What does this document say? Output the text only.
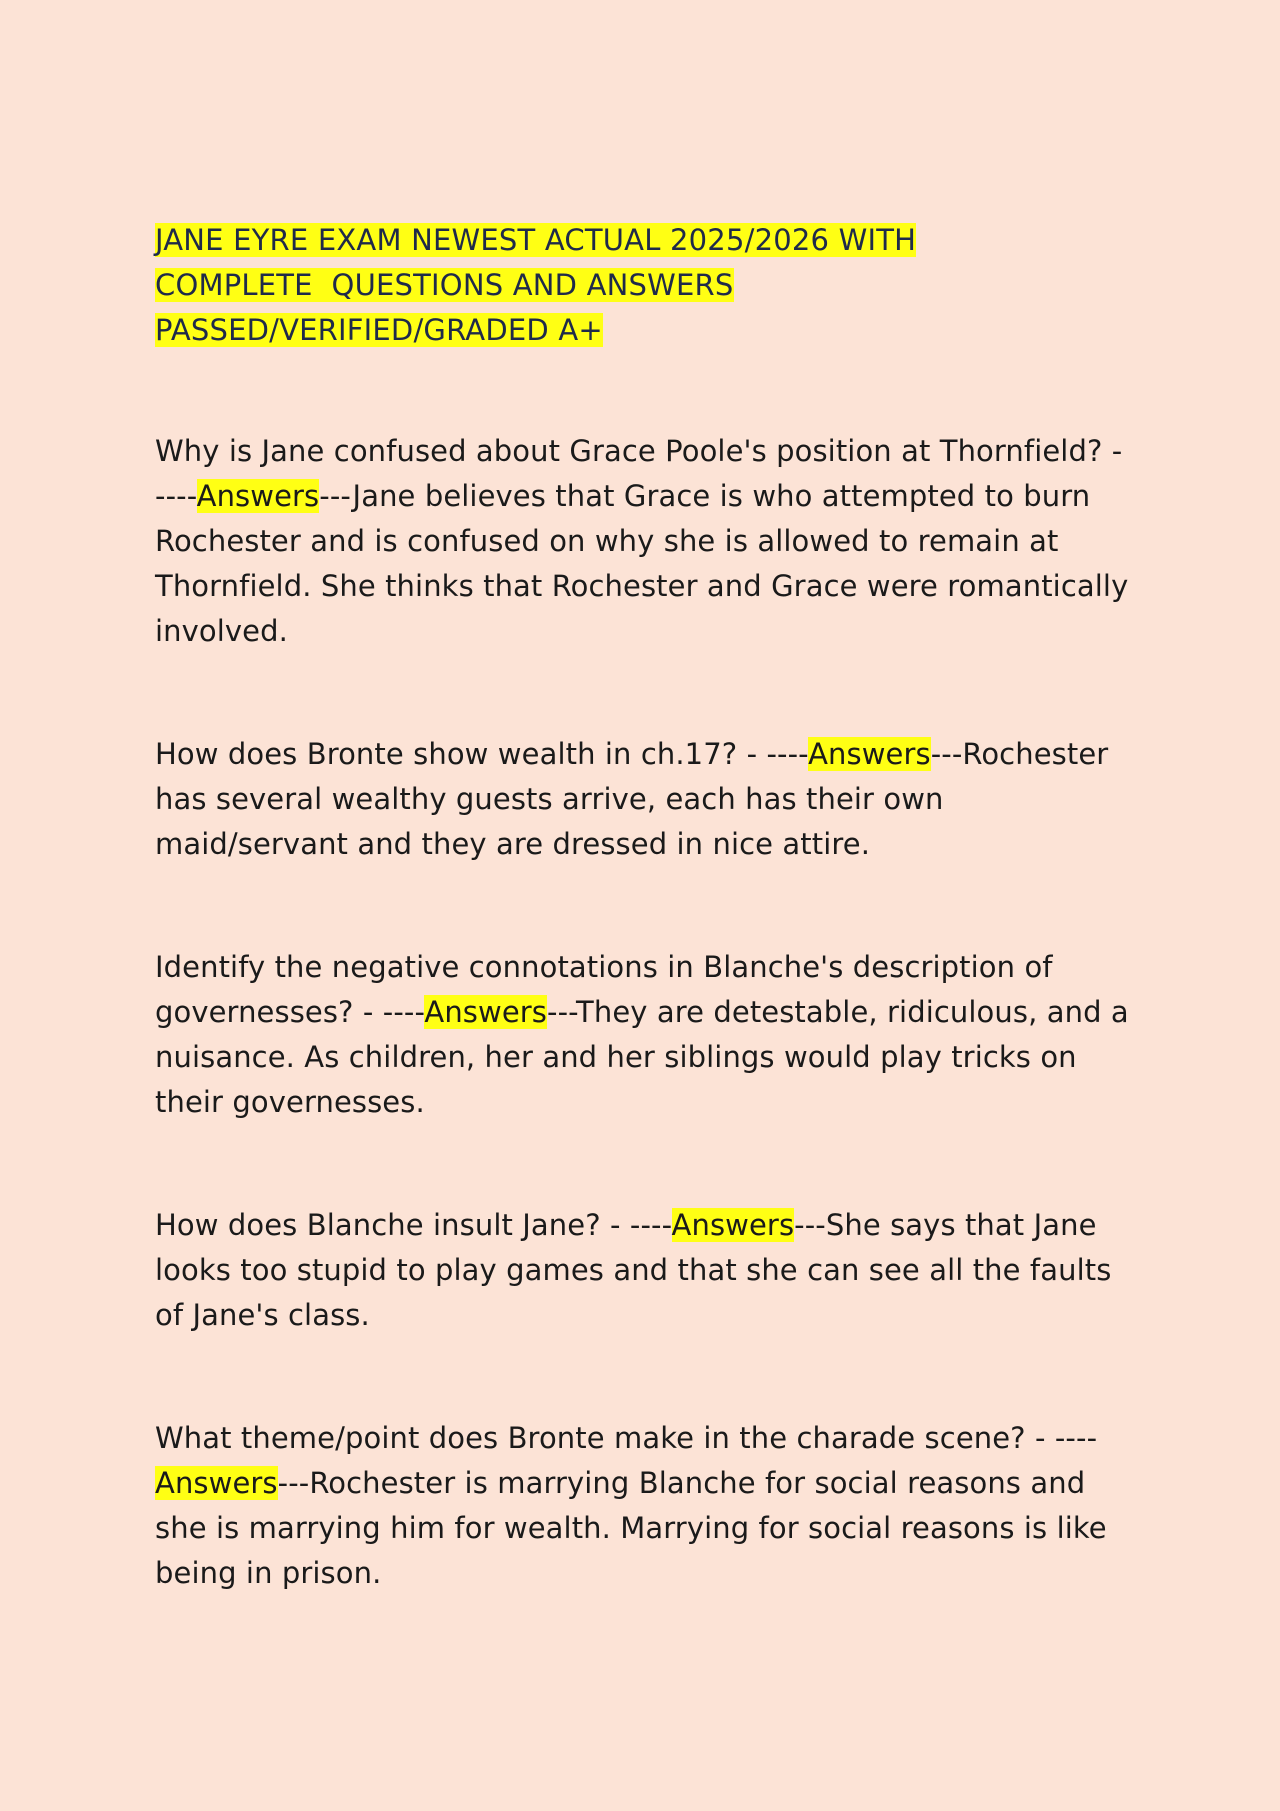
JANE EYRE EXAM NEWEST ACTUAL 2025/2026 WITH
COMPLETE  QUESTIONS AND ANSWERS
PASSED/VERIFIED/GRADED A+

Why is Jane confused about Grace Poole's position at Thornfield? - ----Answers---Jane believes that Grace is who attempted to burn Rochester and is confused on why she is allowed to remain at Thornfield. She thinks that Rochester and Grace were romantically involved.

How does Bronte show wealth in ch.17? - ----Answers---Rochester has several wealthy guests arrive, each has their own maid/servant and they are dressed in nice attire.

Identify the negative connotations in Blanche's description of governesses? - ----Answers---They are detestable, ridiculous, and a nuisance. As children, her and her siblings would play tricks on their governesses.

How does Blanche insult Jane? - ----Answers---She says that Jane looks too stupid to play games and that she can see all the faults of Jane's class.

What theme/point does Bronte make in the charade scene? - ----Answers---Rochester is marrying Blanche for social reasons and she is marrying him for wealth. Marrying for social reasons is like being in prison.
